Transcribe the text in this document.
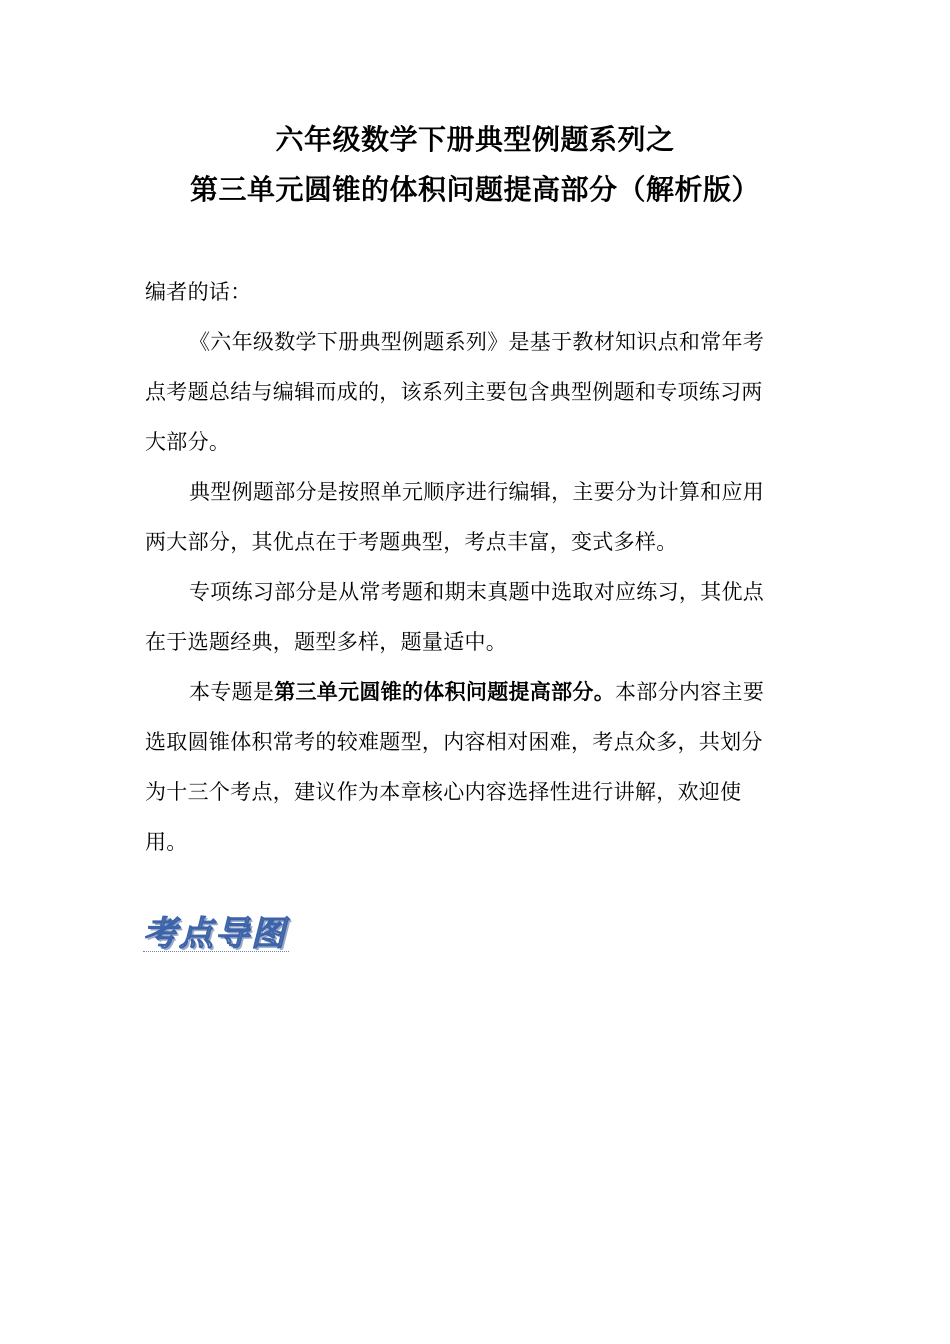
六年级数学下册典型例题系列之
第三单元圆锥的体积问题提高部分（解析版）
编者的话：
《六年级数学下册典型例题系列》是基于教材知识点和常年考
点考题总结与编辑而成的，该系列主要包含典型例题和专项练习两
大部分。
典型例题部分是按照单元顺序进行编辑，主要分为计算和应用
两大部分，其优点在于考题典型，考点丰富，变式多样。
专项练习部分是从常考题和期末真题中选取对应练习，其优点
在于选题经典，题型多样，题量适中。
本专题是第三单元圆锥的体积问题提高部分。本部分内容主要
选取圆锥体积常考的较难题型，内容相对困难，考点众多，共划分
为十三个考点，建议作为本章核心内容选择性进行讲解，欢迎使
用。
考点导图
